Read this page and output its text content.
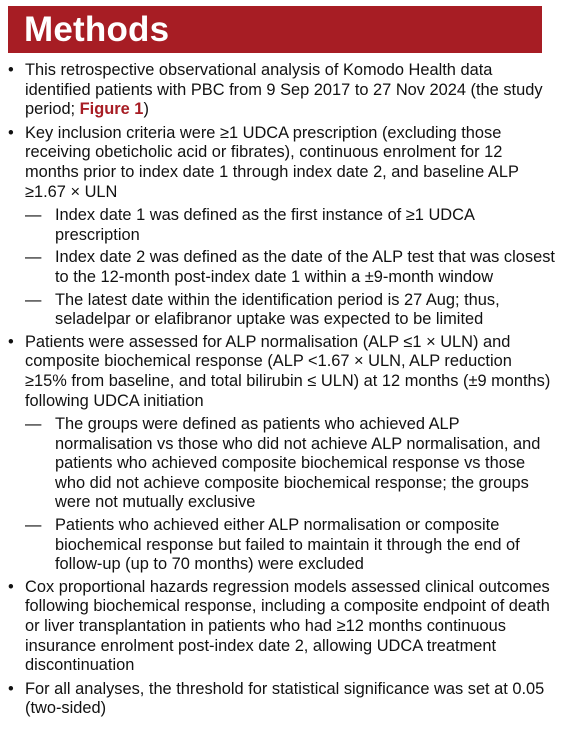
Methods
• This retrospective observational analysis of Komodo Health data identified patients with PBC from 9 Sep 2017 to 27 Nov 2024 (the study period; Figure 1)
• Key inclusion criteria were ≥1 UDCA prescription (excluding those receiving obeticholic acid or fibrates), continuous enrolment for 12 months prior to index date 1 through index date 2, and baseline ALP ≥1.67 × ULN
— Index date 1 was defined as the first instance of ≥1 UDCA prescription
— Index date 2 was defined as the date of the ALP test that was closest to the 12-month post-index date 1 within a ±9-month window
— The latest date within the identification period is 27 Aug; thus, seladelpar or elafibranor uptake was expected to be limited
• Patients were assessed for ALP normalisation (ALP ≤1 × ULN) and composite biochemical response (ALP <1.67 × ULN, ALP reduction ≥15% from baseline, and total bilirubin ≤ ULN) at 12 months (±9 months) following UDCA initiation
— The groups were defined as patients who achieved ALP normalisation vs those who did not achieve ALP normalisation, and patients who achieved composite biochemical response vs those who did not achieve composite biochemical response; the groups were not mutually exclusive
— Patients who achieved either ALP normalisation or composite biochemical response but failed to maintain it through the end of follow-up (up to 70 months) were excluded
• Cox proportional hazards regression models assessed clinical outcomes following biochemical response, including a composite endpoint of death or liver transplantation in patients who had ≥12 months continuous insurance enrolment post-index date 2, allowing UDCA treatment discontinuation
• For all analyses, the threshold for statistical significance was set at 0.05 (two-sided)
